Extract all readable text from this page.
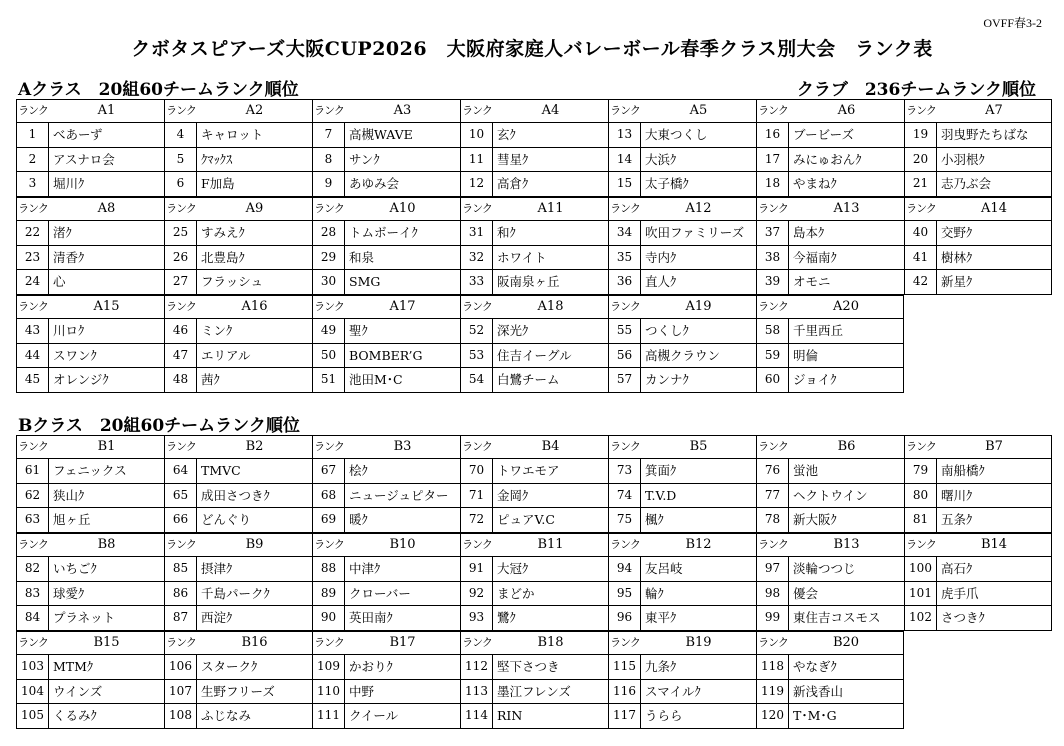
OVFF春3-2
クボタスピアーズ大阪CUP2026　大阪府家庭人バレーボール春季クラス別大会　ランク表
Aクラス　20組60チームランク順位	クラブ　236チームランク順位
ランク	A1
1	べあーず
2	アスナロ会
3	堀川ｸ
ランク	A2
4	キャロット
5	ｸﾏｯｸｽ
6	F加島
ランク	A3
7	高槻WAVE
8	サンｸ
9	あゆみ会
ランク	A4
10	玄ｸ
11	彗星ｸ
12	高倉ｸ
ランク	A5
13	大東つくし
14	大浜ｸ
15	太子橋ｸ
ランク	A6
16	ブービーズ
17	みにゅおんｸ
18	やまねｸ
ランク	A7
19	羽曳野たちばな
20	小羽根ｸ
21	志乃ぶ会
ランク	A8
22	渚ｸ
23	清香ｸ
24	心
ランク	A9
25	すみえｸ
26	北豊島ｸ
27	フラッシュ
ランク	A10
28	トムボーイｸ
29	和泉
30	SMG
ランク	A11
31	和ｸ
32	ホワイト
33	阪南泉ヶ丘
ランク	A12
34	吹田ファミリーズ
35	寺内ｸ
36	直人ｸ
ランク	A13
37	島本ｸ
38	今福南ｸ
39	オモニ
ランク	A14
40	交野ｸ
41	樹林ｸ
42	新星ｸ
ランク	A15
43	川ロｸ
44	スワンｸ
45	オレンジｸ
ランク	A16
46	ミンｸ
47	エリアル
48	茜ｸ
ランク	A17
49	聖ｸ
50	BOMBER’G
51	池田M･C
ランク	A18
52	深光ｸ
53	住吉イーグル
54	白鷺チーム
ランク	A19
55	つくしｸ
56	高槻クラウン
57	カンナｸ
ランク	A20
58	千里西丘
59	明倫
60	ジョイｸ
Bクラス　20組60チームランク順位
ランク	B1
61	フェニックス
62	狭山ｸ
63	旭ヶ丘
ランク	B2
64	TMVC
65	成田さつきｸ
66	どんぐり
ランク	B3
67	桧ｸ
68	ニュージュピター
69	暖ｸ
ランク	B4
70	トワエモア
71	金岡ｸ
72	ピュアV.C
ランク	B5
73	箕面ｸ
74	T.V.D
75	楓ｸ
ランク	B6
76	蛍池
77	ヘクトウイン
78	新大阪ｸ
ランク	B7
79	南船橋ｸ
80	曙川ｸ
81	五条ｸ
ランク	B8
82	いちごｸ
83	球愛ｸ
84	プラネット
ランク	B9
85	摂津ｸ
86	千島パークｸ
87	西淀ｸ
ランク	B10
88	中津ｸ
89	クローバー
90	英田南ｸ
ランク	B11
91	大冠ｸ
92	まどか
93	鷺ｸ
ランク	B12
94	友呂岐
95	輪ｸ
96	東平ｸ
ランク	B13
97	淡輪つつじ
98	優会
99	東住吉コスモス
ランク	B14
100 高石ｸ
101 虎手爪
102 さつきｸ
ランク	B15
103 MTMｸ
104 ウインズ
105 くるみｸ
ランク	B16
106 スタークｸ
107 生野フリーズ
108 ふじなみ
ランク	B17
109 かおりｸ
110 中野
111 クイール
ランク	B18
112 堅下さつき
113 墨江フレンズ
114 RIN
ランク	B19
115 九条ｸ
116 スマイルｸ
117 うらら
ランク	B20
118 やなぎｸ
119 新浅香山
120 T･M･G
